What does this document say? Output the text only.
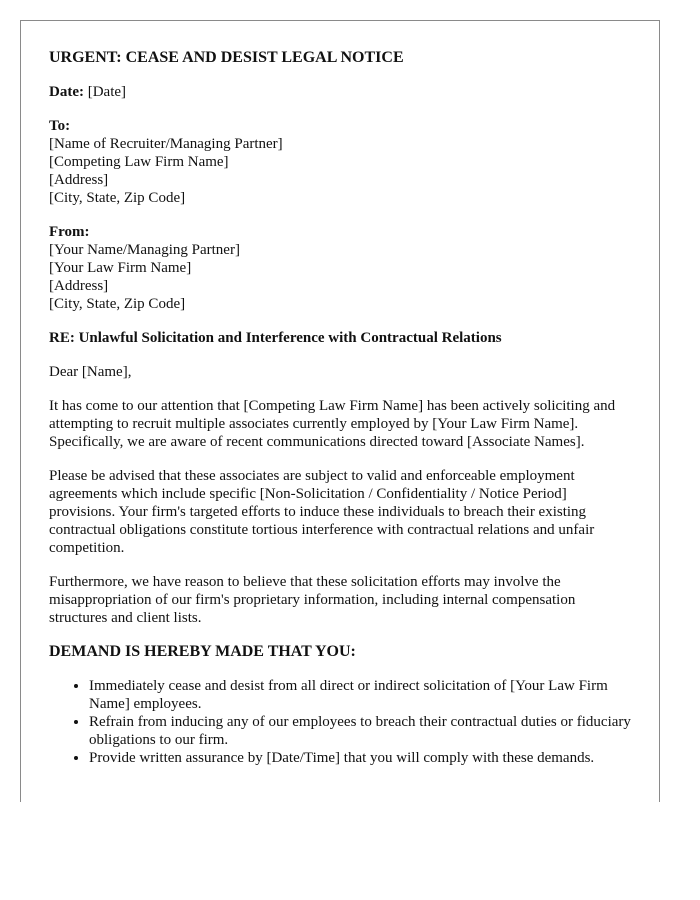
URGENT: CEASE AND DESIST LEGAL NOTICE

Date: [Date]

To:
[Name of Recruiter/Managing Partner]
[Competing Law Firm Name]
[Address]
[City, State, Zip Code]
From:
[Your Name/Managing Partner]
[Your Law Firm Name]
[Address]
[City, State, Zip Code]
RE: Unlawful Solicitation and Interference with Contractual Relations

Dear [Name],

It has come to our attention that [Competing Law Firm Name] has been actively soliciting and attempting to recruit multiple associates currently employed by [Your Law Firm Name]. Specifically, we are aware of recent communications directed toward [Associate Names].

Please be advised that these associates are subject to valid and enforceable employment agreements which include specific [Non-Solicitation / Confidentiality / Notice Period] provisions. Your firm's targeted efforts to induce these individuals to breach their existing contractual obligations constitute tortious interference with contractual relations and unfair competition.

Furthermore, we have reason to believe that these solicitation efforts may involve the misappropriation of our firm's proprietary information, including internal compensation structures and client lists.

DEMAND IS HEREBY MADE THAT YOU:
• Immediately cease and desist from all direct or indirect solicitation of [Your Law Firm Name] employees.
• Refrain from inducing any of our employees to breach their contractual duties or fiduciary obligations to our firm.
• Provide written assurance by [Date/Time] that you will comply with these demands.
